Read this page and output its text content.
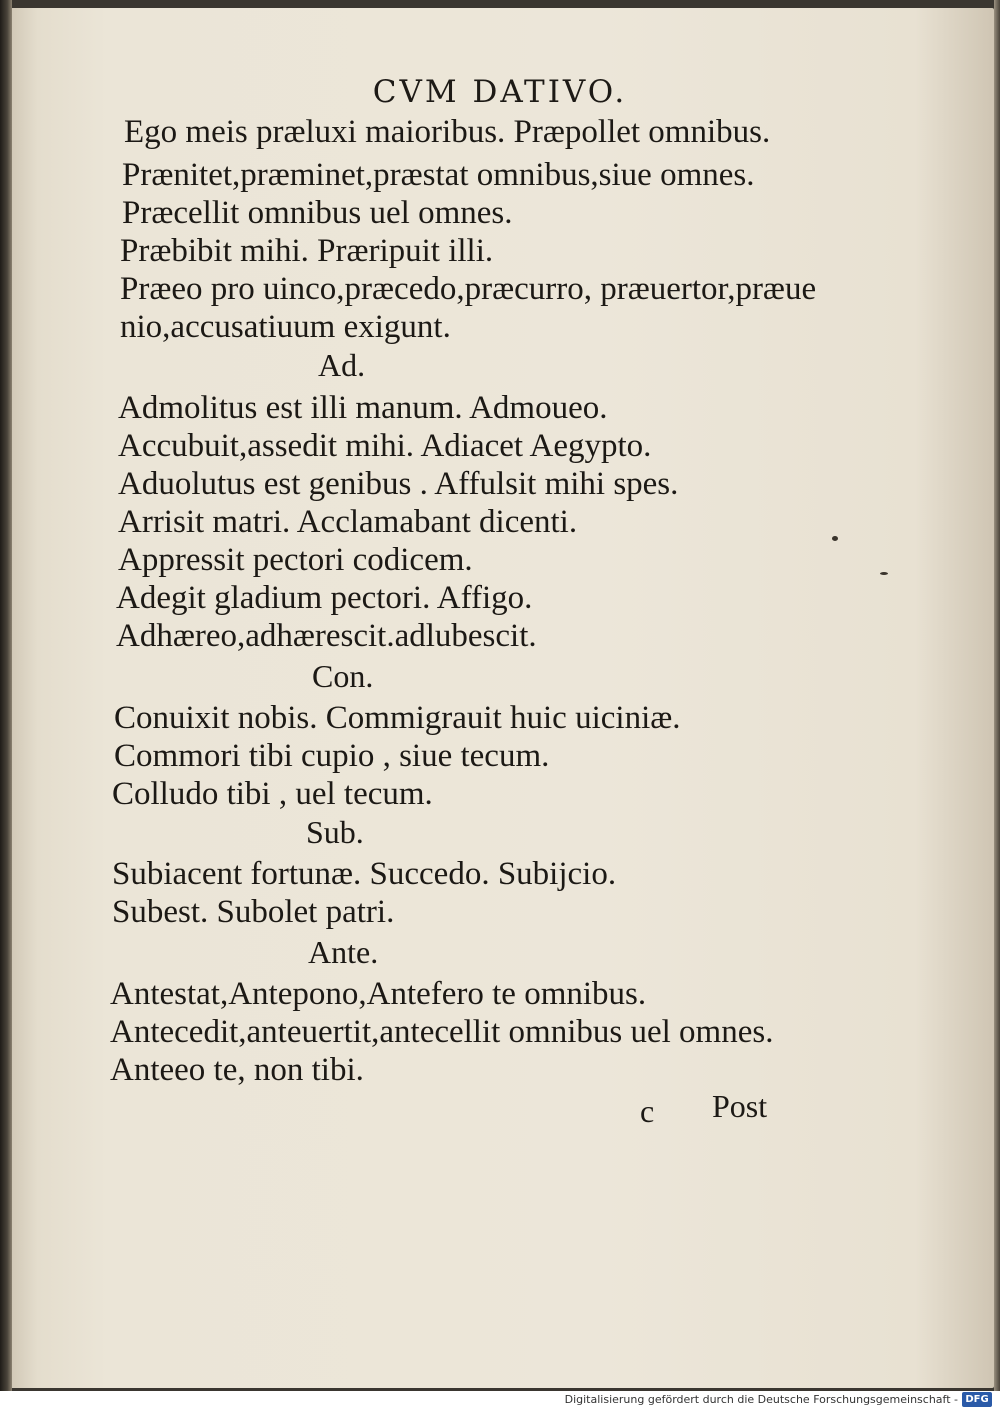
CVM DATIVO.
Ego meis præluxi maioribus. Præpollet omnibus.
Prænitet,præminet,præstat omnibus,siue omnes.
Præcellit omnibus uel omnes.
Præbibit mihi. Præripuit illi.
Præeo pro uinco,præcedo,præcurro, præuertor,præue
nio,accusatiuum exigunt.
Ad.
Admolitus est illi manum. Admoueo.
Accubuit,assedit mihi. Adiacet Aegypto.
Aduolutus est genibus . Affulsit mihi spes.
Arrisit matri. Acclamabant dicenti.
Appressit pectori codicem.
Adegit gladium pectori. Affigo.
Adhæreo,adhærescit.adlubescit.
Con.
Conuixit nobis. Commigrauit huic uiciniæ.
Commori tibi cupio , siue tecum.
Colludo tibi , uel tecum.
Sub.
Subiacent fortunæ. Succedo. Subijcio.
Subest. Subolet patri.
Ante.
Antestat,Antepono,Antefero te omnibus.
Antecedit,anteuertit,antecellit omnibus uel omnes.
Anteeo te, non tibi.
c Post
Digitalisierung gefördert durch die Deutsche Forschungsgemeinschaft - DFG
